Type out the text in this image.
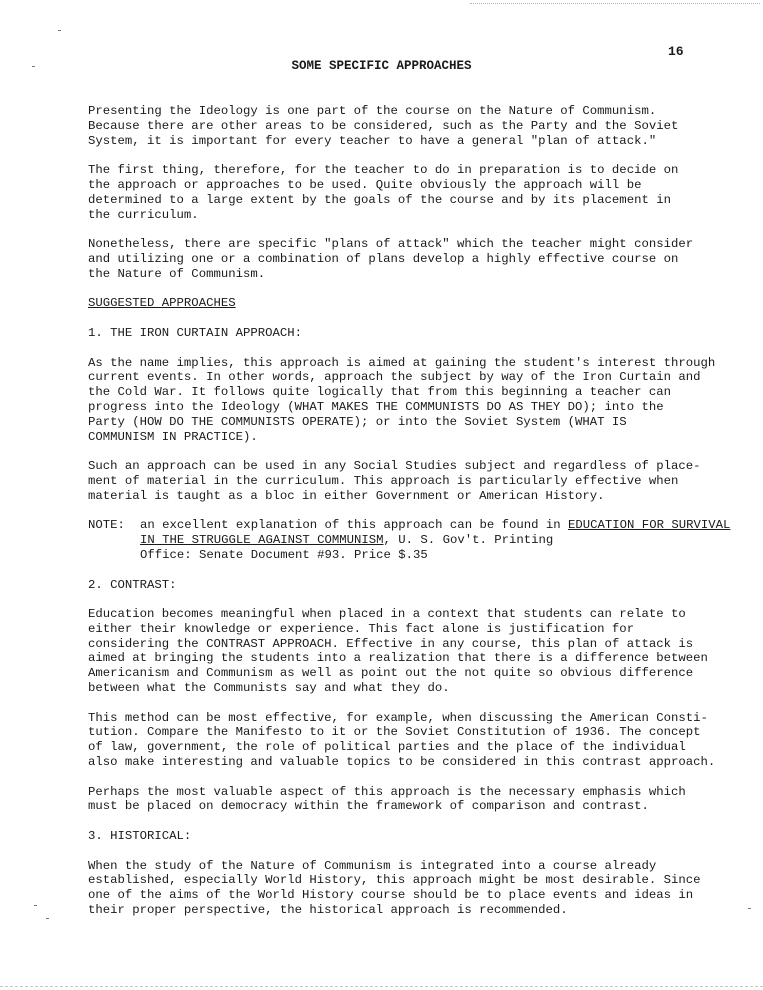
16
SOME SPECIFIC APPROACHES

Presenting the Ideology is one part of the course on the Nature of Communism.
Because there are other areas to be considered, such as the Party and the Soviet
System, it is important for every teacher to have a general "plan of attack."

The first thing, therefore, for the teacher to do in preparation is to decide on
the approach or approaches to be used. Quite obviously the approach will be
determined to a large extent by the goals of the course and by its placement in
the curriculum.

Nonetheless, there are specific "plans of attack" which the teacher might consider
and utilizing one or a combination of plans develop a highly effective course on
the Nature of Communism.

SUGGESTED APPROACHES

1. THE IRON CURTAIN APPROACH:

As the name implies, this approach is aimed at gaining the student's interest through
current events. In other words, approach the subject by way of the Iron Curtain and
the Cold War. It follows quite logically that from this beginning a teacher can
progress into the Ideology (WHAT MAKES THE COMMUNISTS DO AS THEY DO); into the
Party (HOW DO THE COMMUNISTS OPERATE); or into the Soviet System (WHAT IS
COMMUNISM IN PRACTICE).

Such an approach can be used in any Social Studies subject and regardless of place-
ment of material in the curriculum. This approach is particularly effective when
material is taught as a bloc in either Government or American History.

NOTE:	an excellent explanation of this approach can be found in EDUCATION FOR SURVIVAL IN THE STRUGGLE AGAINST COMMUNISM, U. S. Gov't. Printing
Office: Senate Document #93. Price $.35

2. CONTRAST:

Education becomes meaningful when placed in a context that students can relate to
either their knowledge or experience. This fact alone is justification for
considering the CONTRAST APPROACH. Effective in any course, this plan of attack is
aimed at bringing the students into a realization that there is a difference between
Americanism and Communism as well as point out the not quite so obvious difference
between what the Communists say and what they do.

This method can be most effective, for example, when discussing the American Consti-
tution. Compare the Manifesto to it or the Soviet Constitution of 1936. The concept
of law, government, the role of political parties and the place of the individual
also make interesting and valuable topics to be considered in this contrast approach.

Perhaps the most valuable aspect of this approach is the necessary emphasis which
must be placed on democracy within the framework of comparison and contrast.

3. HISTORICAL:

When the study of the Nature of Communism is integrated into a course already
established, especially World History, this approach might be most desirable. Since
one of the aims of the World History course should be to place events and ideas in
their proper perspective, the historical approach is recommended.
